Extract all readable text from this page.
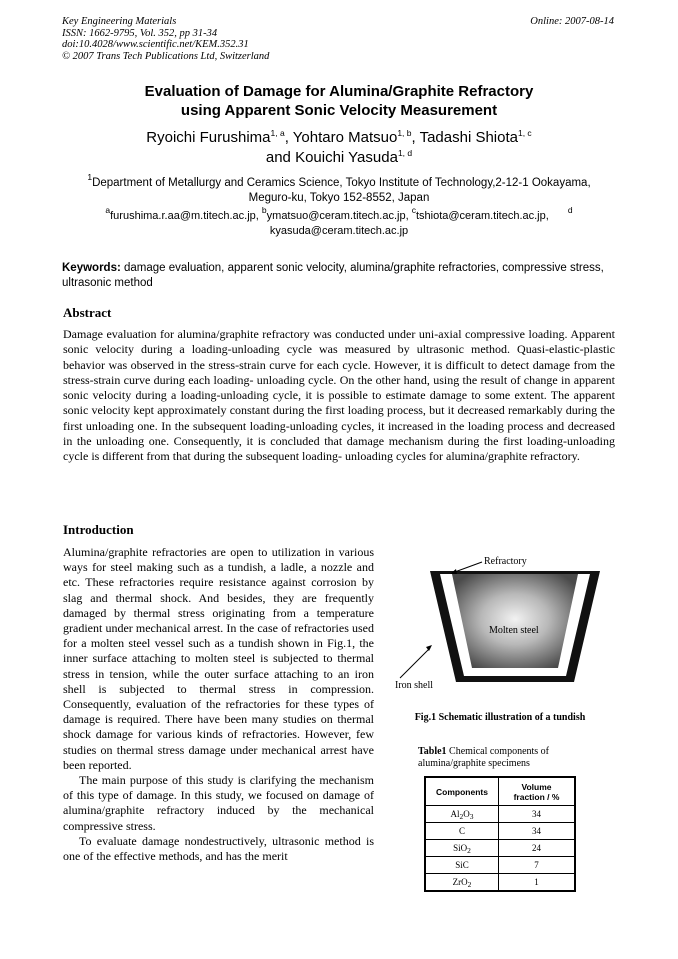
Key Engineering Materials
ISSN: 1662-9795, Vol. 352, pp 31-34
doi:10.4028/www.scientific.net/KEM.352.31
© 2007 Trans Tech Publications Ltd, Switzerland
Online: 2007-08-14
Evaluation of Damage for Alumina/Graphite Refractory
using Apparent Sonic Velocity Measurement
Ryoichi Furushima$^{1, a}$, Yohtaro Matsuo$^{1, b}$, Tadashi Shiota$^{1, c}$
and Kouichi Yasuda$^{1, d}$
$^1$Department of Metallurgy and Ceramics Science, Tokyo Institute of Technology,2-12-1 Ookayama,
Meguro-ku, Tokyo 152-8552, Japan
$^a$furushima.r.aa@m.titech.ac.jp, $^b$ymatsuo@ceram.titech.ac.jp, $^c$tshiota@ceram.titech.ac.jp, $^d$
kyasuda@ceram.titech.ac.jp
Keywords: damage evaluation, apparent sonic velocity, alumina/graphite refractories, compressive stress, ultrasonic method
Abstract
Damage evaluation for alumina/graphite refractory was conducted under uni-axial compressive loading. Apparent sonic velocity during a loading-unloading cycle was measured by ultrasonic method. Quasi-elastic-plastic behavior was observed in the stress-strain curve for each cycle. However, it is difficult to detect damage from the stress-strain curve during each loading- unloading cycle. On the other hand, using the result of change in apparent sonic velocity during a loading-unloading cycle, it is possible to estimate damage to some extent. The apparent sonic velocity kept approximately constant during the first loading process, but it decreased remarkably during the first unloading one. In the subsequent loading-unloading cycles, it increased in the loading process and decreased in the unloading one. Consequently, it is concluded that damage mechanism during the first loading-unloading cycle is different from that during the subsequent loading- unloading cycles for alumina/graphite refractory.
Introduction

Alumina/graphite refractories are open to utilization in various ways for steel making such as a tundish, a ladle, a nozzle and etc. These refractories require resistance against corrosion by slag and thermal shock. And besides, they are frequently damaged by thermal stress originating from a temperature gradient under mechanical arrest. In the case of refractories used for a molten steel vessel such as a tundish shown in Fig.1, the inner surface attaching to molten steel is subjected to thermal stress in tension, while the outer surface attaching to an iron shell is subjected to thermal stress in compression. Consequently, evaluation of the refractories for these types of damage is required. There have been many studies on thermal shock damage for various kinds of refractories. However, few studies on thermal stress damage under mechanical arrest have been reported.

The main purpose of this study is clarifying the mechanism of this type of damage. In this study, we focused on damage of alumina/graphite refractory induced by the mechanical compressive stress.

To evaluate damage nondestructively, ultrasonic method is one of the effective methods, and has the merit

Refractory
Molten steel
Iron shell
Fig.1 Schematic illustration of a tundish
Table1 Chemical components of alumina/graphite specimens
Components	Volume
fraction / %

$Al_2O_3$	34
C	34
SiO$_2$	24
SiC	7
ZrO$_2$	1
